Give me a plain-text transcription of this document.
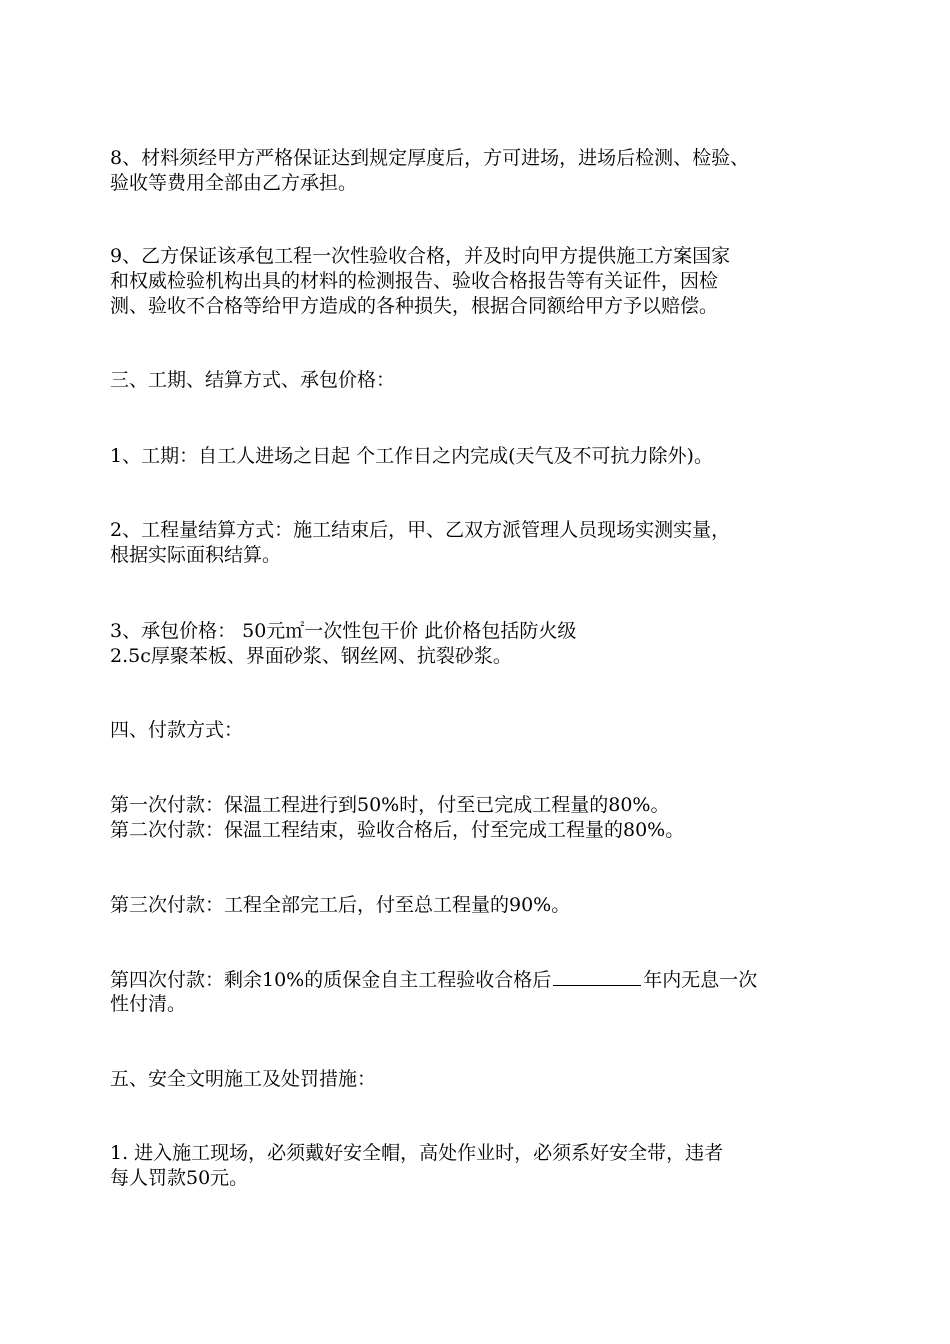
8、材料须经甲方严格保证达到规定厚度后，方可进场，进场后检测、检验、
验收等费用全部由乙方承担。
9、乙方保证该承包工程一次性验收合格，并及时向甲方提供施工方案国家
和权威检验机构出具的材料的检测报告、验收合格报告等有关证件，因检
测、验收不合格等给甲方造成的各种损失，根据合同额给甲方予以赔偿。
三、工期、结算方式、承包价格：
1、工期：自工人进场之日起 个工作日之内完成(天气及不可抗力除外)。
2、工程量结算方式：施工结束后，甲、乙双方派管理人员现场实测实量，
根据实际面积结算。
3、承包价格： 50元㎡一次性包干价 此价格包括防火级
2.5c厚聚苯板、界面砂浆、钢丝网、抗裂砂浆。
四、付款方式：
第一次付款：保温工程进行到50%时，付至已完成工程量的80%。
第二次付款：保温工程结束，验收合格后，付至完成工程量的80%。
第三次付款：工程全部完工后，付至总工程量的90%。
第四次付款：剩余10%的质保金自主工程验收合格后	年内无息一次
性付清。
五、安全文明施工及处罚措施：
1. 进入施工现场，必须戴好安全帽，高处作业时，必须系好安全带，违者
每人罚款50元。
